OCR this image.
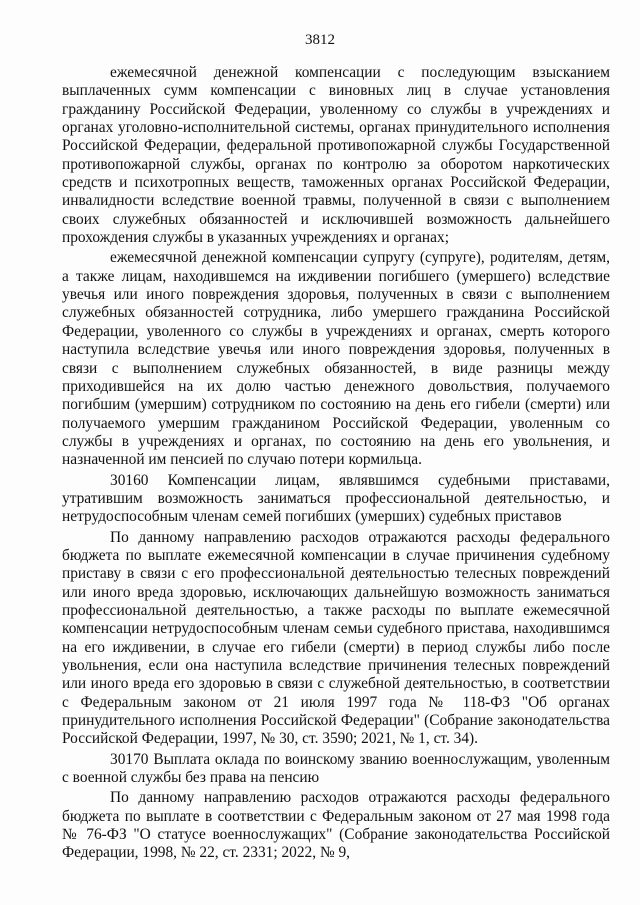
3812

ежемесячной денежной компенсации с последующим взысканием выплаченных сумм компенсации с виновных лиц в случае установления гражданину Российской Федерации, уволенному со службы в учреждениях и органах уголовно-исполнительной системы, органах принудительного исполнения Российской Федерации, федеральной противопожарной службы Государственной противопожарной службы, органах по контролю за оборотом наркотических средств и психотропных веществ, таможенных органах Российской Федерации, инвалидности вследствие военной травмы, полученной в связи с выполнением своих служебных обязанностей и исключившей возможность дальнейшего прохождения службы в указанных учреждениях и органах;

ежемесячной денежной компенсации супругу (супруге), родителям, детям, а также лицам, находившемся на иждивении погибшего (умершего) вследствие увечья или иного повреждения здоровья, полученных в связи с выполнением служебных обязанностей сотрудника, либо умершего гражданина Российской Федерации, уволенного со службы в учреждениях и органах, смерть которого наступила вследствие увечья или иного повреждения здоровья, полученных в связи с выполнением служебных обязанностей, в виде разницы между приходившейся на их долю частью денежного довольствия, получаемого погибшим (умершим) сотрудником по состоянию на день его гибели (смерти) или получаемого умершим гражданином Российской Федерации, уволенным со службы в учреждениях и органах, по состоянию на день его увольнения, и назначенной им пенсией по случаю потери кормильца.

30160 Компенсации лицам, являвшимся судебными приставами, утратившим возможность заниматься профессиональной деятельностью, и нетрудоспособным членам семей погибших (умерших) судебных приставов

По данному направлению расходов отражаются расходы федерального бюджета по выплате ежемесячной компенсации в случае причинения судебному приставу в связи с его профессиональной деятельностью телесных повреждений или иного вреда здоровью, исключающих дальнейшую возможность заниматься профессиональной деятельностью, а также расходы по выплате ежемесячной компенсации нетрудоспособным членам семьи судебного пристава, находившимся на его иждивении, в случае его гибели (смерти) в период службы либо после увольнения, если она наступила вследствие причинения телесных повреждений или иного вреда его здоровью в связи с служебной деятельностью, в соответствии с Федеральным законом от 21 июля 1997 года № 118-ФЗ "Об органах принудительного исполнения Российской Федерации" (Собрание законодательства Российской Федерации, 1997, № 30, ст. 3590; 2021, № 1, ст. 34).

30170 Выплата оклада по воинскому званию военнослужащим, уволенным с военной службы без права на пенсию

По данному направлению расходов отражаются расходы федерального бюджета по выплате в соответствии с Федеральным законом от 27 мая 1998 года № 76-ФЗ "О статусе военнослужащих" (Собрание законодательства Российской Федерации, 1998, № 22, ст. 2331; 2022, № 9,
